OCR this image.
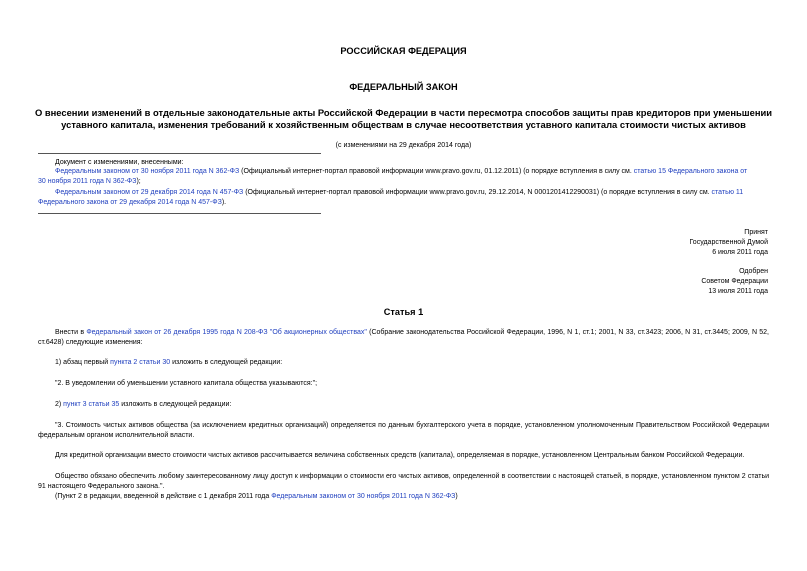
РОССИЙСКАЯ ФЕДЕРАЦИЯ
ФЕДЕРАЛЬНЫЙ ЗАКОН
О внесении изменений в отдельные законодательные акты Российской Федерации в части пересмотра способов защиты прав кредиторов при уменьшении
уставного капитала, изменения требований к хозяйственным обществам в случае несоответствия уставного капитала стоимости чистых активов
(с изменениями на 29 декабря 2014 года)
Документ с изменениями, внесенными:
Федеральным законом от 30 ноября 2011 года N 362-ФЗ (Официальный интернет-портал правовой информации www.pravo.gov.ru, 01.12.2011) (о порядке вступления в силу см. статью 15 Федерального закона от
30 ноября 2011 года N 362-ФЗ);
Федеральным законом от 29 декабря 2014 года N 457-ФЗ (Официальный интернет-портал правовой информации www.pravo.gov.ru, 29.12.2014, N 0001201412290031) (о порядке вступления в силу см. статью 11
Федерального закона от 29 декабря 2014 года N 457-ФЗ).
Принят
Государственной Думой
6 июля 2011 года
Одобрен
Советом Федерации
13 июля 2011 года
Статья 1
Внести в Федеральный закон от 26 декабря 1995 года N 208-ФЗ "Об акционерных обществах" (Собрание законодательства Российской Федерации, 1996, N 1, ст.1; 2001, N 33, ст.3423; 2006, N 31, ст.3445; 2009, N 52, ст.6428) следующие изменения:
1) абзац первый пункта 2 статьи 30 изложить в следующей редакции:
"2. В уведомлении об уменьшении уставного капитала общества указываются:";
2) пункт 3 статьи 35 изложить в следующей редакции:
"3. Стоимость чистых активов общества (за исключением кредитных организаций) определяется по данным бухгалтерского учета в порядке, установленном уполномоченным Правительством Российской Федерации федеральным органом исполнительной власти.
Для кредитной организации вместо стоимости чистых активов рассчитывается величина собственных средств (капитала), определяемая в порядке, установленном Центральным банком Российской Федерации.
Общество обязано обеспечить любому заинтересованному лицу доступ к информации о стоимости его чистых активов, определенной в соответствии с настоящей статьей, в порядке, установленном пунктом 2 статьи 91 настоящего Федерального закона.".
(Пункт 2 в редакции, введенной в действие с 1 декабря 2011 года Федеральным законом от 30 ноября 2011 года N 362-ФЗ)
